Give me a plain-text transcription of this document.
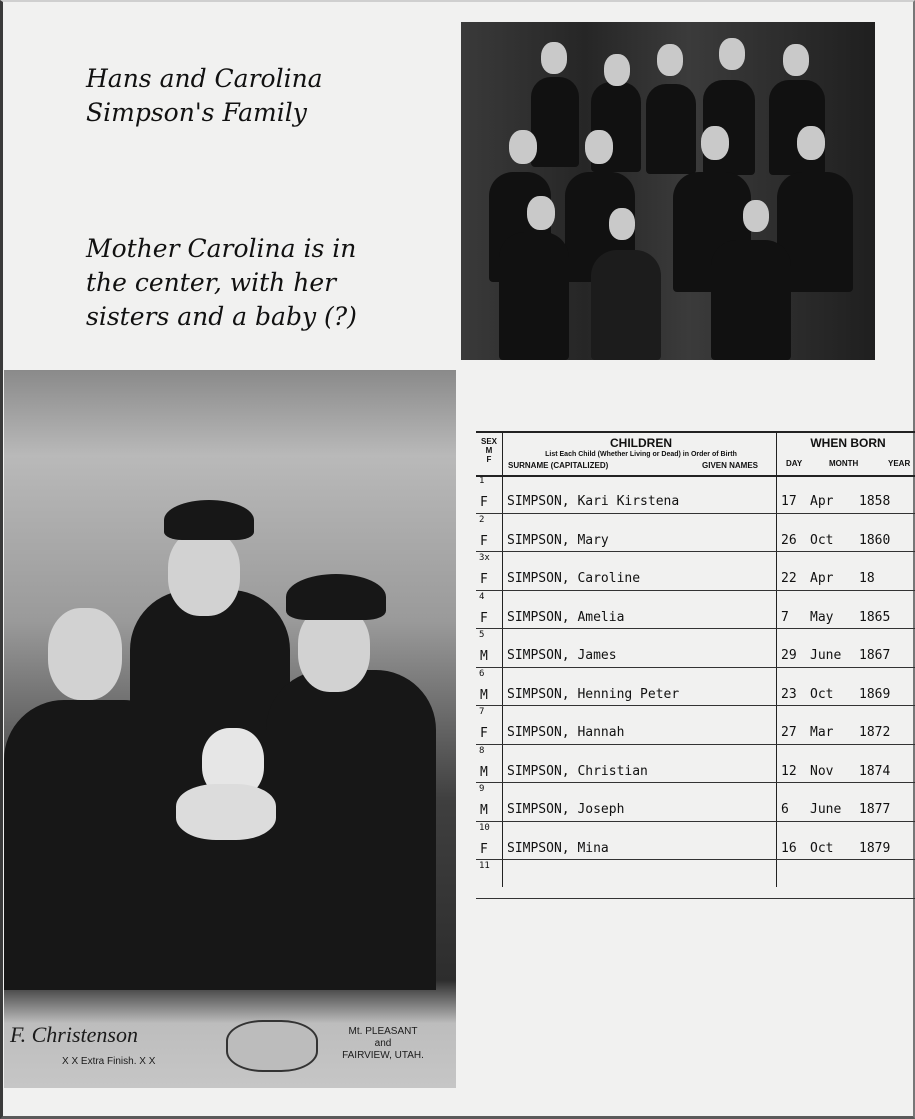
Hans and Carolina
Simpson's Family
Mother Carolina is in
the center, with her
sisters and a baby (?)
F. Christenson
X X Extra Finish. X X
Mt. PLEASANT
and
FAIRVIEW, UTAH.
SEX
M
F
CHILDREN
List Each Child (Whether Living or Dead) in Order of Birth
SURNAME (CAPITALIZED)	GIVEN NAMES
WHEN BORN
DAY	MONTH	YEAR
1
F SIMPSON, Kari Kirstena	17 Apr 1858
2
F SIMPSON, Mary	26 Oct 1860
3x
F SIMPSON, Caroline	22 Apr 18
4
F SIMPSON, Amelia	7 May 1865
5
M SIMPSON, James	29 June 1867
6
M SIMPSON, Henning Peter	23 Oct 1869
7
F SIMPSON, Hannah	27 Mar 1872
8
M SIMPSON, Christian	12 Nov 1874
9
M SIMPSON, Joseph	6 June 1877
10
F SIMPSON, Mina	16 Oct 1879
11
